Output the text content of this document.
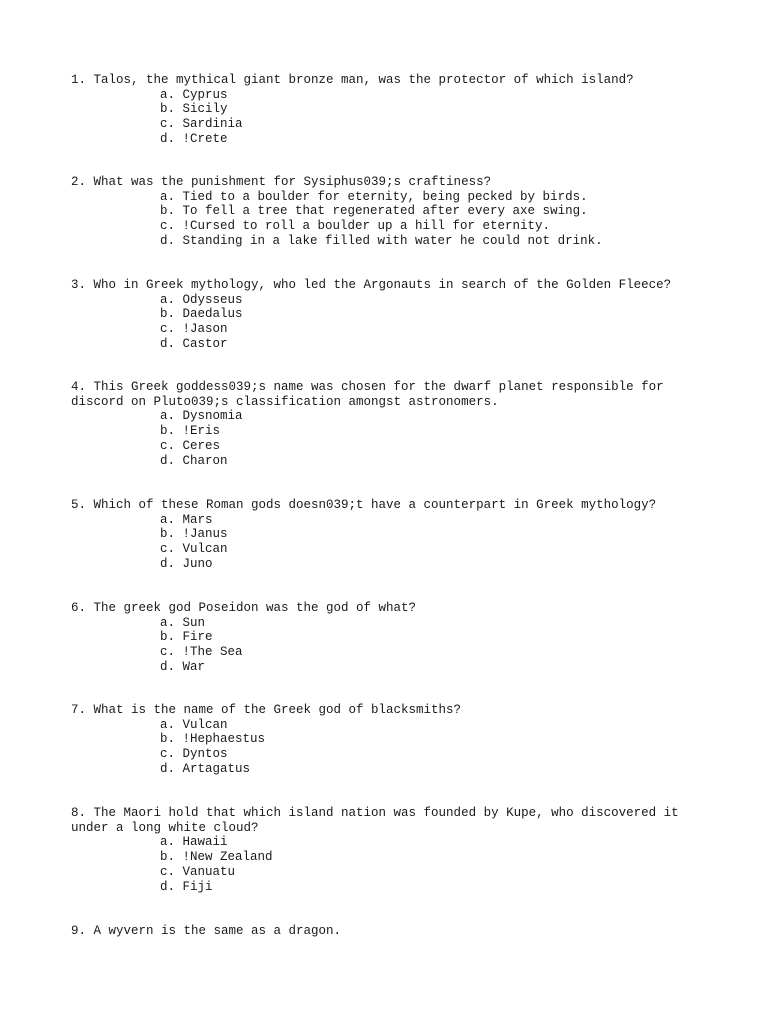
1. Talos, the mythical giant bronze man, was the protector of which island?
a. Cyprus
b. Sicily
c. Sardinia
d. !Crete
2. What was the punishment for Sysiphus039;s craftiness?
a. Tied to a boulder for eternity, being pecked by birds.
b. To fell a tree that regenerated after every axe swing.
c. !Cursed to roll a boulder up a hill for eternity.
d. Standing in a lake filled with water he could not drink.
3. Who in Greek mythology, who led the Argonauts in search of the Golden Fleece?
a. Odysseus
b. Daedalus
c. !Jason
d. Castor
4. This Greek goddess039;s name was chosen for the dwarf planet responsible for discord on Pluto039;s classification amongst astronomers.
a. Dysnomia
b. !Eris
c. Ceres
d. Charon
5. Which of these Roman gods doesn039;t have a counterpart in Greek mythology?
a. Mars
b. !Janus
c. Vulcan
d. Juno
6. The greek god Poseidon was the god of what?
a. Sun
b. Fire
c. !The Sea
d. War
7. What is the name of the Greek god of blacksmiths?
a. Vulcan
b. !Hephaestus
c. Dyntos
d. Artagatus
8. The Maori hold that which island nation was founded by Kupe, who discovered it under a long white cloud?
a. Hawaii
b. !New Zealand
c. Vanuatu
d. Fiji
9. A wyvern is the same as a dragon.
